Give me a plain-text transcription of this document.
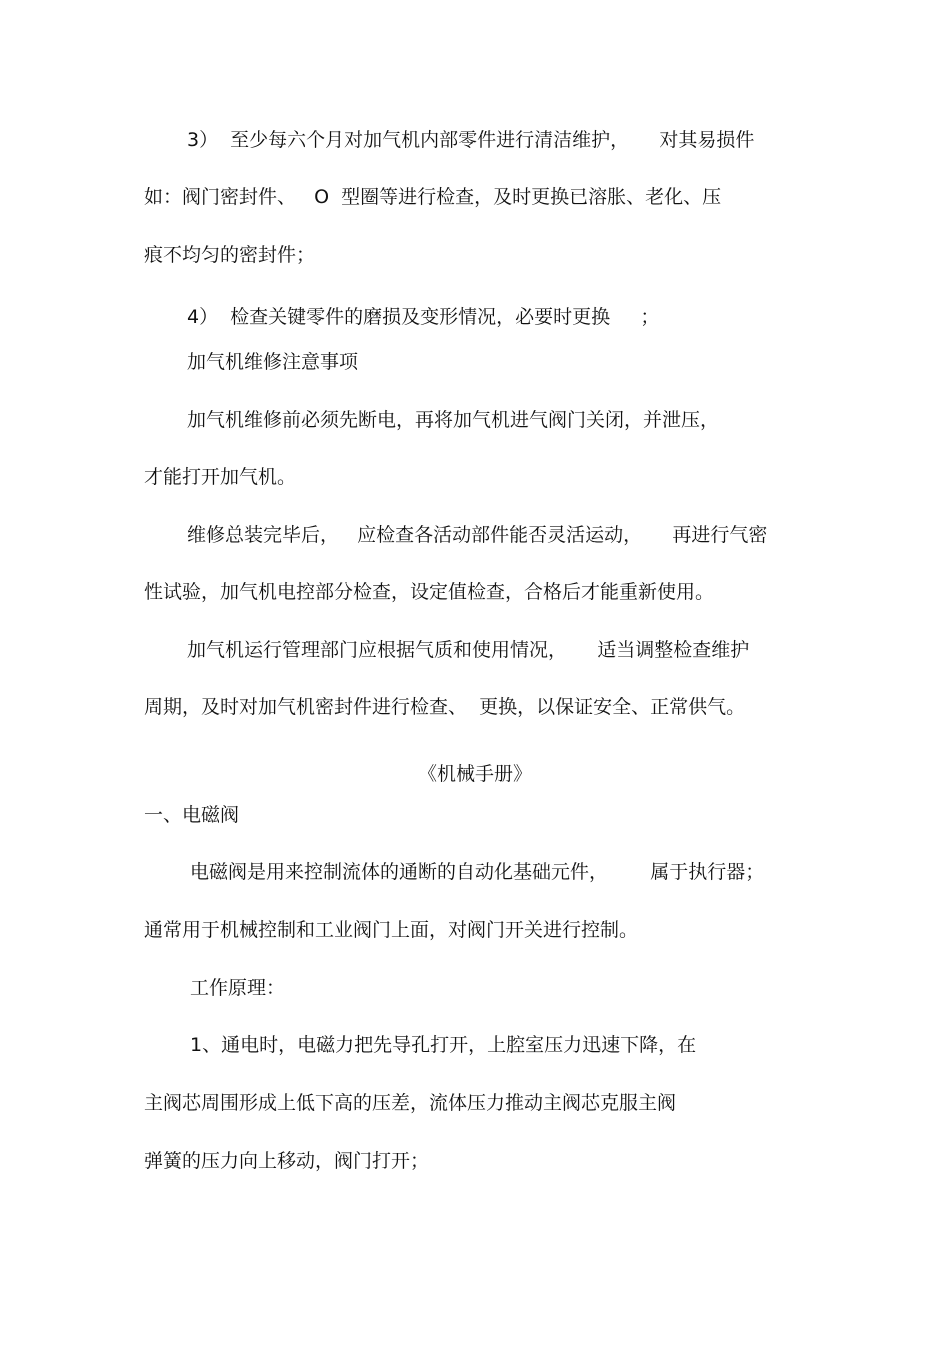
3）  至少每六个月对加气机内部零件进行清洁维护，     对其易损件

如：阀门密封件、   O  型圈等进行检查，及时更换已溶胀、老化、压

痕不均匀的密封件；

4）  检查关键零件的磨损及变形情况，必要时更换     ；

加气机维修注意事项

加气机维修前必须先断电，再将加气机进气阀门关闭，并泄压，

才能打开加气机。

维修总装完毕后，   应检查各活动部件能否灵活运动，     再进行气密

性试验，加气机电控部分检查，设定值检查，合格后才能重新使用。

加气机运行管理部门应根据气质和使用情况，     适当调整检查维护

周期，及时对加气机密封件进行检查、  更换，以保证安全、正常供气。

《机械手册》

一、电磁阀

电磁阀是用来控制流体的通断的自动化基础元件，       属于执行器；

通常用于机械控制和工业阀门上面，对阀门开关进行控制。

工作原理：

1、通电时，电磁力把先导孔打开，上腔室压力迅速下降，在

主阀芯周围形成上低下高的压差，流体压力推动主阀芯克服主阀

弹簧的压力向上移动，阀门打开；
